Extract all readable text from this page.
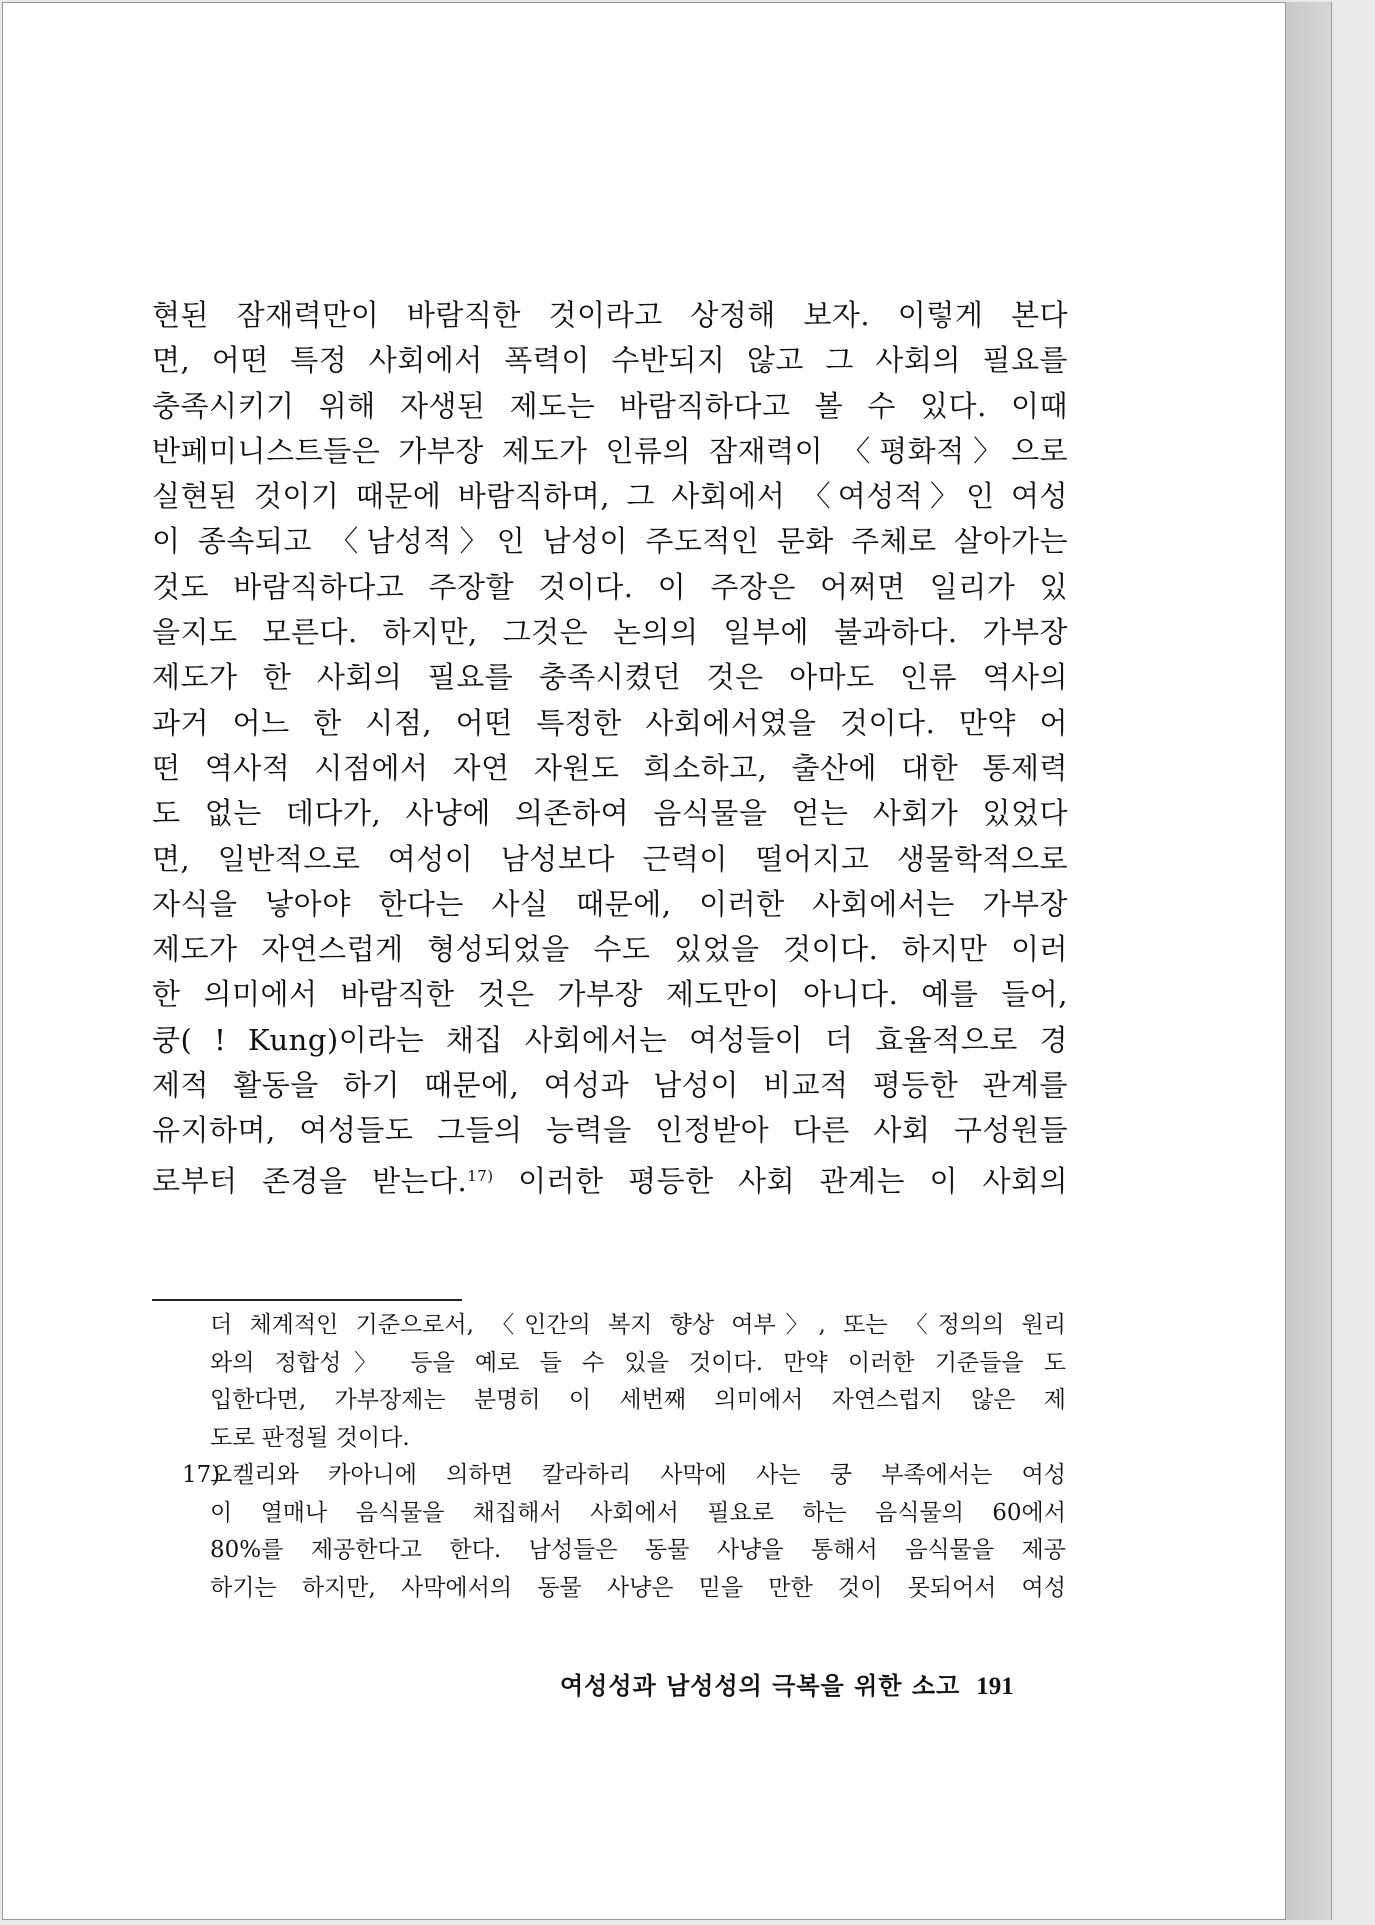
현된 잠재력만이 바람직한 것이라고 상정해 보자. 이렇게 본다
면, 어떤 특정 사회에서 폭력이 수반되지 않고 그 사회의 필요를
충족시키기 위해 자생된 제도는 바람직하다고 볼 수 있다. 이때
반페미니스트들은 가부장 제도가 인류의 잠재력이 〈평화적〉으로
실현된 것이기 때문에 바람직하며, 그 사회에서 〈여성적〉인 여성
이 종속되고 〈남성적〉인 남성이 주도적인 문화 주체로 살아가는
것도 바람직하다고 주장할 것이다. 이 주장은 어쩌면 일리가 있
을지도 모른다. 하지만, 그것은 논의의 일부에 불과하다. 가부장
제도가 한 사회의 필요를 충족시켰던 것은 아마도 인류 역사의
과거 어느 한 시점, 어떤 특정한 사회에서였을 것이다. 만약 어
떤 역사적 시점에서 자연 자원도 희소하고, 출산에 대한 통제력
도 없는 데다가, 사냥에 의존하여 음식물을 얻는 사회가 있었다
면, 일반적으로 여성이 남성보다 근력이 떨어지고 생물학적으로
자식을 낳아야 한다는 사실 때문에, 이러한 사회에서는 가부장
제도가 자연스럽게 형성되었을 수도 있었을 것이다. 하지만 이러
한 의미에서 바람직한 것은 가부장 제도만이 아니다. 예를 들어,
쿵( ! Kung)이라는 채집 사회에서는 여성들이 더 효율적으로 경
제적 활동을 하기 때문에, 여성과 남성이 비교적 평등한 관계를
유지하며, 여성들도 그들의 능력을 인정받아 다른 사회 구성원들
로부터 존경을 받는다.$^{17)}$ 이러한 평등한 사회 관계는 이 사회의
더 체계적인 기준으로서, 〈인간의 복지 향상 여부〉, 또는 〈정의의 원리
와의 정합성〉 등을 예로 들 수 있을 것이다. 만약 이러한 기준들을 도
입한다면, 가부장제는 분명히 이 세번째 의미에서 자연스럽지 않은 제
도로 판정될 것이다.
17)오켈리와 카아니에 의하면 칼라하리 사막에 사는 쿵 부족에서는 여성
이 열매나 음식물을 채집해서 사회에서 필요로 하는 음식물의 60에서
80%를 제공한다고 한다. 남성들은 동물 사냥을 통해서 음식물을 제공
하기는 하지만, 사막에서의 동물 사냥은 믿을 만한 것이 못되어서 여성
여성성과 남성성의 극복을 위한 소고 191
